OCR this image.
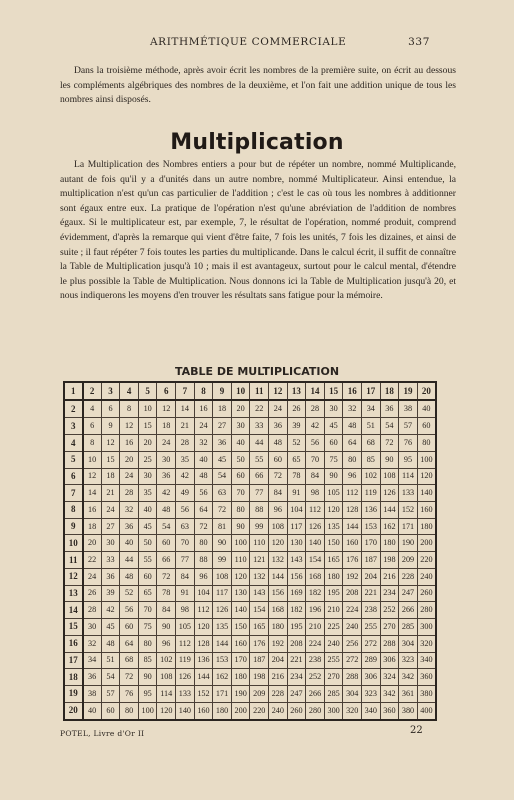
ARITHMÉTIQUE COMMERCIALE	337

Dans la troisième méthode, après avoir écrit les nombres de la première suite, on écrit au dessous les compléments algébriques des nombres de la deuxième, et l'on fait une addition unique de tous les nombres ainsi disposés.

Multiplication

La Multiplication des Nombres entiers a pour but de répéter un nombre, nommé Multiplicande, autant de fois qu'il y a d'unités dans un autre nombre, nommé Multiplicateur. Ainsi entendue, la multiplication n'est qu'un cas particulier de l'addition ; c'est le cas où tous les nombres à additionner sont égaux entre eux. La pratique de l'opération n'est qu'une abréviation de l'addition de nombres égaux. Si le multiplicateur est, par exemple, 7, le résultat de l'opération, nommé produit, comprend évidemment, d'après la remarque qui vient d'être faite, 7 fois les unités, 7 fois les dizaines, et ainsi de suite ; il faut répéter 7 fois toutes les parties du multiplicande. Dans le calcul écrit, il suffit de connaître la Table de Multiplication jusqu'à 10 ; mais il est avantageux, surtout pour le calcul mental, d'étendre le plus possible la Table de Multiplication. Nous donnons ici la Table de Multiplication jusqu'à 20, et nous indiquerons les moyens d'en trouver les résultats sans fatigue pour la mémoire.

TABLE DE MULTIPLICATION
1	2	3	4	5	6	7	8	9	10	11	12	13	14	15	16	17	18	19	20
2	4	6	8	10	12	14	16	18	20	22	24	26	28	30	32	34	36	38	40
3	6	9	12	15	18	21	24	27	30	33	36	39	42	45	48	51	54	57	60
4	8	12	16	20	24	28	32	36	40	44	48	52	56	60	64	68	72	76	80
5	10	15	20	25	30	35	40	45	50	55	60	65	70	75	80	85	90	95	100
6	12	18	24	30	36	42	48	54	60	66	72	78	84	90	96	102	108	114	120
7	14	21	28	35	42	49	56	63	70	77	84	91	98	105	112	119	126	133	140
8	16	24	32	40	48	56	64	72	80	88	96	104	112	120	128	136	144	152	160
9	18	27	36	45	54	63	72	81	90	99	108	117	126	135	144	153	162	171	180
10	20	30	40	50	60	70	80	90	100	110	120	130	140	150	160	170	180	190	200
11	22	33	44	55	66	77	88	99	110	121	132	143	154	165	176	187	198	209	220
12	24	36	48	60	72	84	96	108	120	132	144	156	168	180	192	204	216	228	240
13	26	39	52	65	78	91	104	117	130	143	156	169	182	195	208	221	234	247	260
14	28	42	56	70	84	98	112	126	140	154	168	182	196	210	224	238	252	266	280
15	30	45	60	75	90	105	120	135	150	165	180	195	210	225	240	255	270	285	300
16	32	48	64	80	96	112	128	144	160	176	192	208	224	240	256	272	288	304	320
17	34	51	68	85	102	119	136	153	170	187	204	221	238	255	272	289	306	323	340
18	36	54	72	90	108	126	144	162	180	198	216	234	252	270	288	306	324	342	360
19	38	57	76	95	114	133	152	171	190	209	228	247	266	285	304	323	342	361	380
20	40	60	80	100	120	140	160	180	200	220	240	260	280	300	320	340	360	380	400
POTEL, Livre d'Or II	22
